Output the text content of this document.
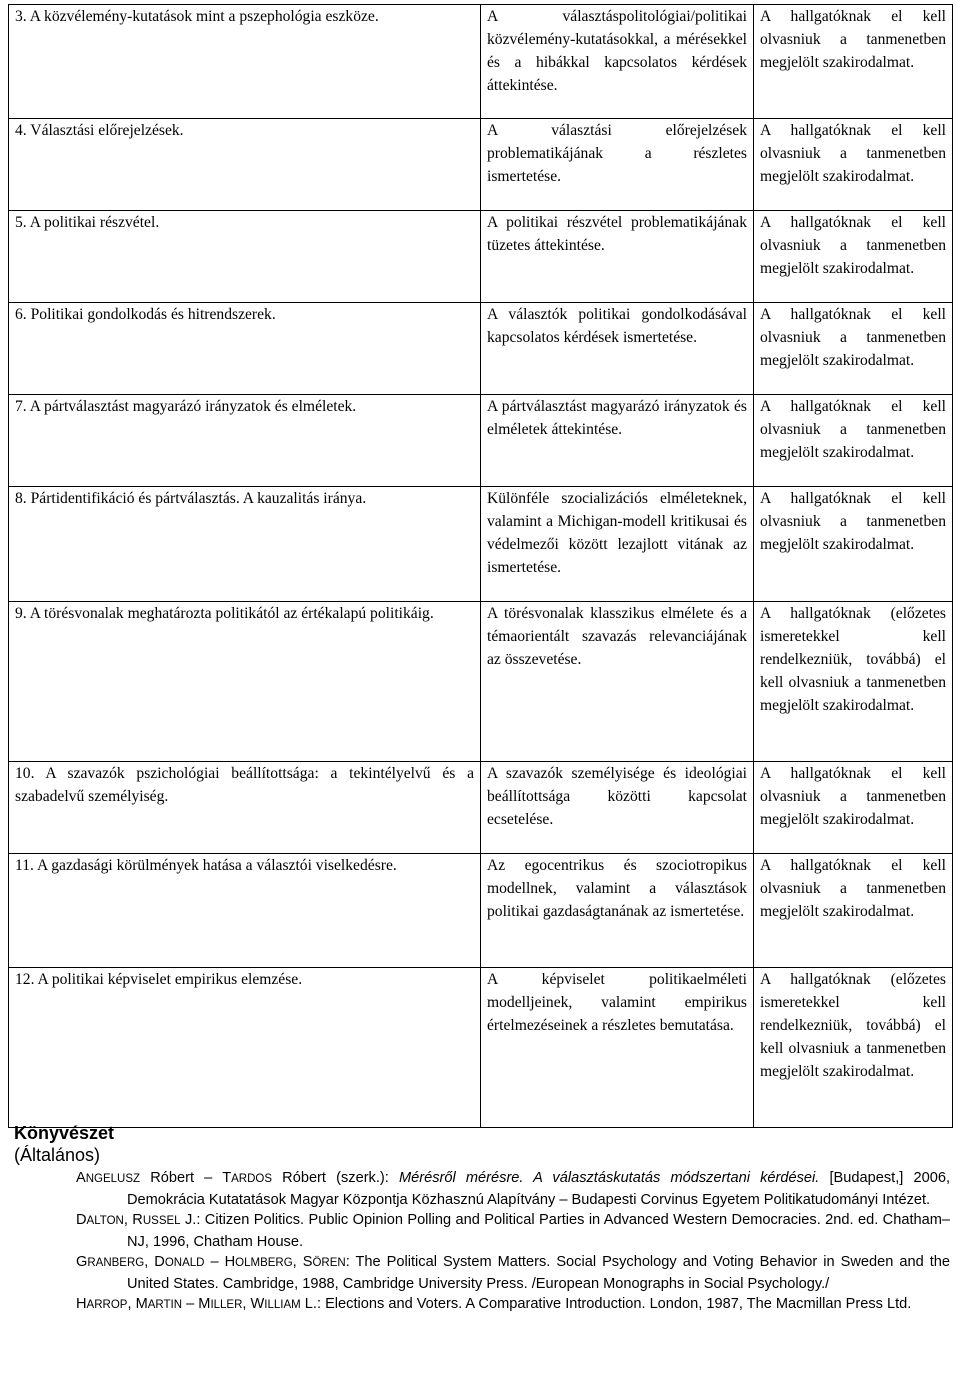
3. A közvélemény-kutatások mint a pszephológia eszköze.	A választáspolitológiai/politikai közvélemény-kutatásokkal, a mérésekkel és a hibákkal kapcsolatos kérdések áttekintése.	A hallgatóknak el kell olvasniuk a tanmenetben megjelölt szakirodalmat.
4. Választási előrejelzések.	A választási előrejelzések problematikájának a részletes ismertetése.	A hallgatóknak el kell olvasniuk a tanmenetben megjelölt szakirodalmat.
5. A politikai részvétel.	A politikai részvétel problematikájának tüzetes áttekintése.	A hallgatóknak el kell olvasniuk a tanmenetben megjelölt szakirodalmat.
6. Politikai gondolkodás és hitrendszerek.	A választók politikai gondolkodásával kapcsolatos kérdések ismertetése.	A hallgatóknak el kell olvasniuk a tanmenetben megjelölt szakirodalmat.
7. A pártválasztást magyarázó irányzatok és elméletek.	A pártválasztást magyarázó irányzatok és elméletek áttekintése.	A hallgatóknak el kell olvasniuk a tanmenetben megjelölt szakirodalmat.
8. Pártidentifikáció és pártválasztás. A kauzalitás iránya.	Különféle szocializációs elméleteknek, valamint a Michigan-modell kritikusai és védelmezői között lezajlott vitának az ismertetése.	A hallgatóknak el kell olvasniuk a tanmenetben megjelölt szakirodalmat.
9. A törésvonalak meghatározta politikától az értékalapú politikáig.	A törésvonalak klasszikus elmélete és a témaorientált szavazás relevanciájának az összevetése.	A hallgatóknak (előzetes ismeretekkel kell rendelkezniük, továbbá) el kell olvasniuk a tanmenetben megjelölt szakirodalmat.
10. A szavazók pszichológiai beállítottsága: a tekintélyelvű és a szabadelvű személyiség.	A szavazók személyisége és ideológiai beállítottsága közötti kapcsolat ecsetelése.	A hallgatóknak el kell olvasniuk a tanmenetben megjelölt szakirodalmat.
11. A gazdasági körülmények hatása a választói viselkedésre.	Az egocentrikus és szociotropikus modellnek, valamint a választások politikai gazdaságtanának az ismertetése.	A hallgatóknak el kell olvasniuk a tanmenetben megjelölt szakirodalmat.
12. A politikai képviselet empirikus elemzése.	A képviselet politikaelméleti modelljeinek, valamint empirikus értelmezéseinek a részletes bemutatása.	A hallgatóknak (előzetes ismeretekkel kell rendelkezniük, továbbá) el kell olvasniuk a tanmenetben megjelölt szakirodalmat.
Könyvészet
(Általános)
ANGELUSZ Róbert – TARDOS Róbert (szerk.): Mérésről mérésre. A választáskutatás módszertani kérdései. [Budapest,] 2006, Demokrácia Kutatatások Magyar Központja Közhasznú Alapítvány – Budapesti Corvinus Egyetem Politikatudományi Intézet.
DALTON, RUSSEL J.: Citizen Politics. Public Opinion Polling and Political Parties in Advanced Western Democracies. 2nd. ed. Chatham–NJ, 1996, Chatham House.
GRANBERG, DONALD – HOLMBERG, SÖREN: The Political System Matters. Social Psychology and Voting Behavior in Sweden and the United States. Cambridge, 1988, Cambridge University Press. /European Monographs in Social Psychology./
HARROP, MARTIN – MILLER, WILLIAM L.: Elections and Voters. A Comparative Introduction. London, 1987, The Macmillan Press Ltd.
